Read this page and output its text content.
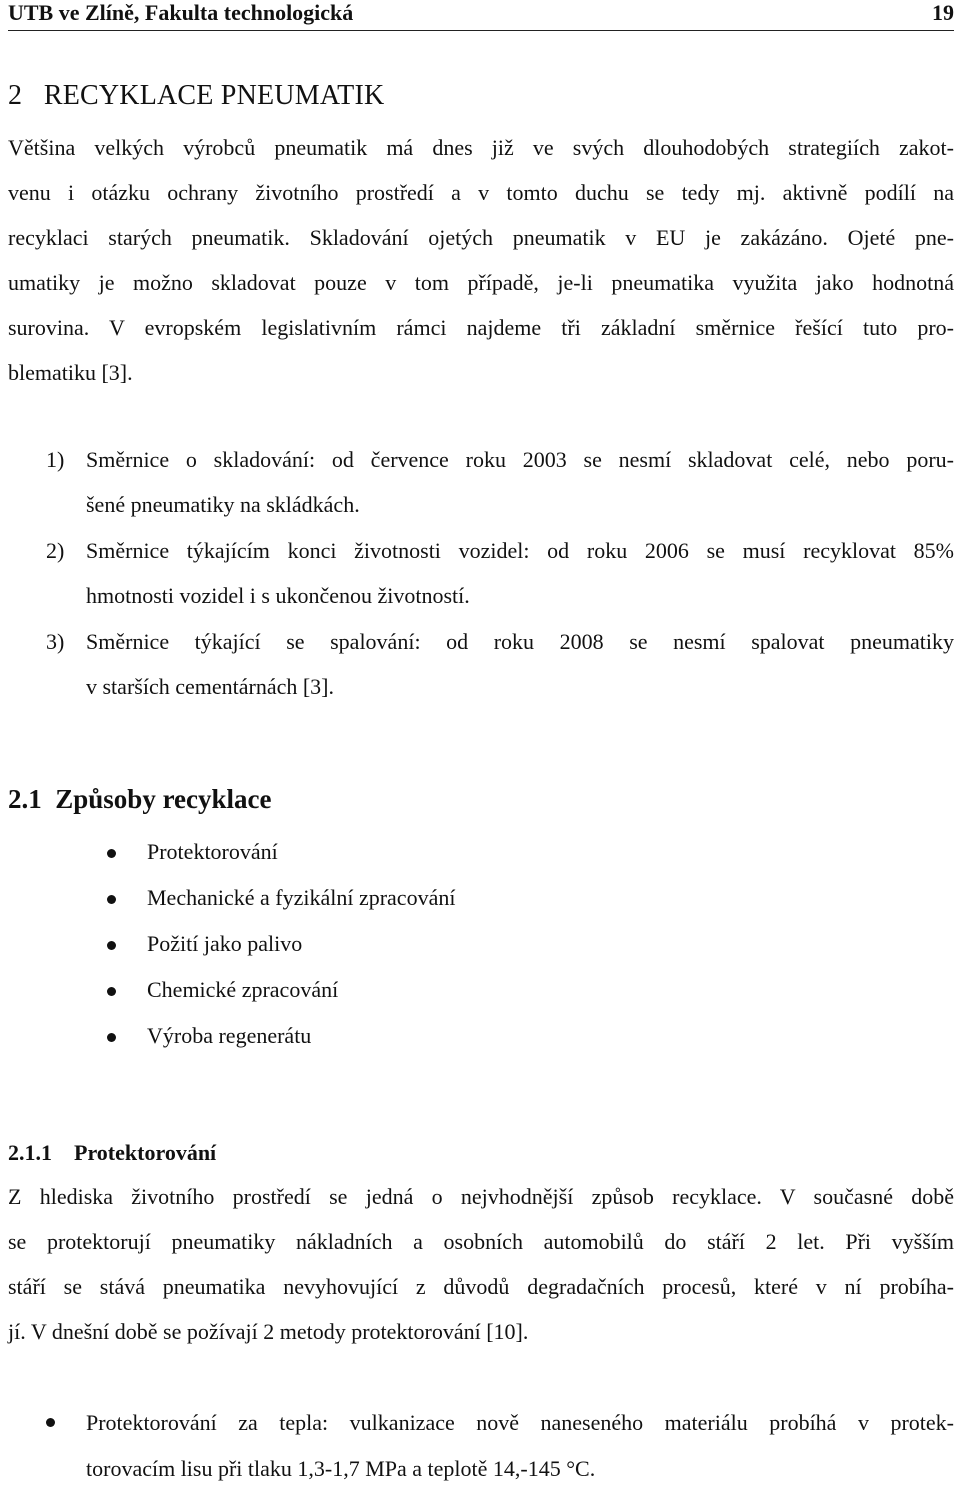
UTB ve Zlíně, Fakulta technologická	19
2 RECYKLACE PNEUMATIK

Většina velkých výrobců pneumatik má dnes již ve svých dlouhodobých strategiích zakot-

venu i otázku ochrany životního prostředí a v tomto duchu se tedy mj. aktivně podílí na

recyklaci starých pneumatik. Skladování ojetých pneumatik v EU je zakázáno. Ojeté pne-

umatiky je možno skladovat pouze v tom případě, je-li pneumatika využita jako hodnotná

surovina. V evropském legislativním rámci najdeme tři základní směrnice řešící tuto pro-

blematiku [3].

1) Směrnice o skladování: od července roku 2003 se nesmí skladovat celé, nebo poru-
šené pneumatiky na skládkách.
2) Směrnice týkajícím konci životnosti vozidel: od roku 2006 se musí recyklovat 85%
hmotnosti vozidel i s ukončenou životností.
3) Směrnice týkající se spalování: od roku 2008 se nesmí spalovat pneumatiky
v starších cementárnách [3].
2.1 Způsoby recyklace
Protektorování
Mechanické a fyzikální zpracování
Požití jako palivo
Chemické zpracování
Výroba regenerátu
2.1.1 Protektorování

Z hlediska životního prostředí se jedná o nejvhodnější způsob recyklace. V současné době

se protektorují pneumatiky nákladních a osobních automobilů do stáří 2 let. Při vyšším

stáří se stává pneumatika nevyhovující z důvodů degradačních procesů, které v ní probíha-

jí. V dnešní době se požívají 2 metody protektorování [10].

Protektorování za tepla: vulkanizace nově naneseného materiálu probíhá v protek-
torovacím lisu při tlaku 1,3-1,7 MPa a teplotě 14,-145 °C.
